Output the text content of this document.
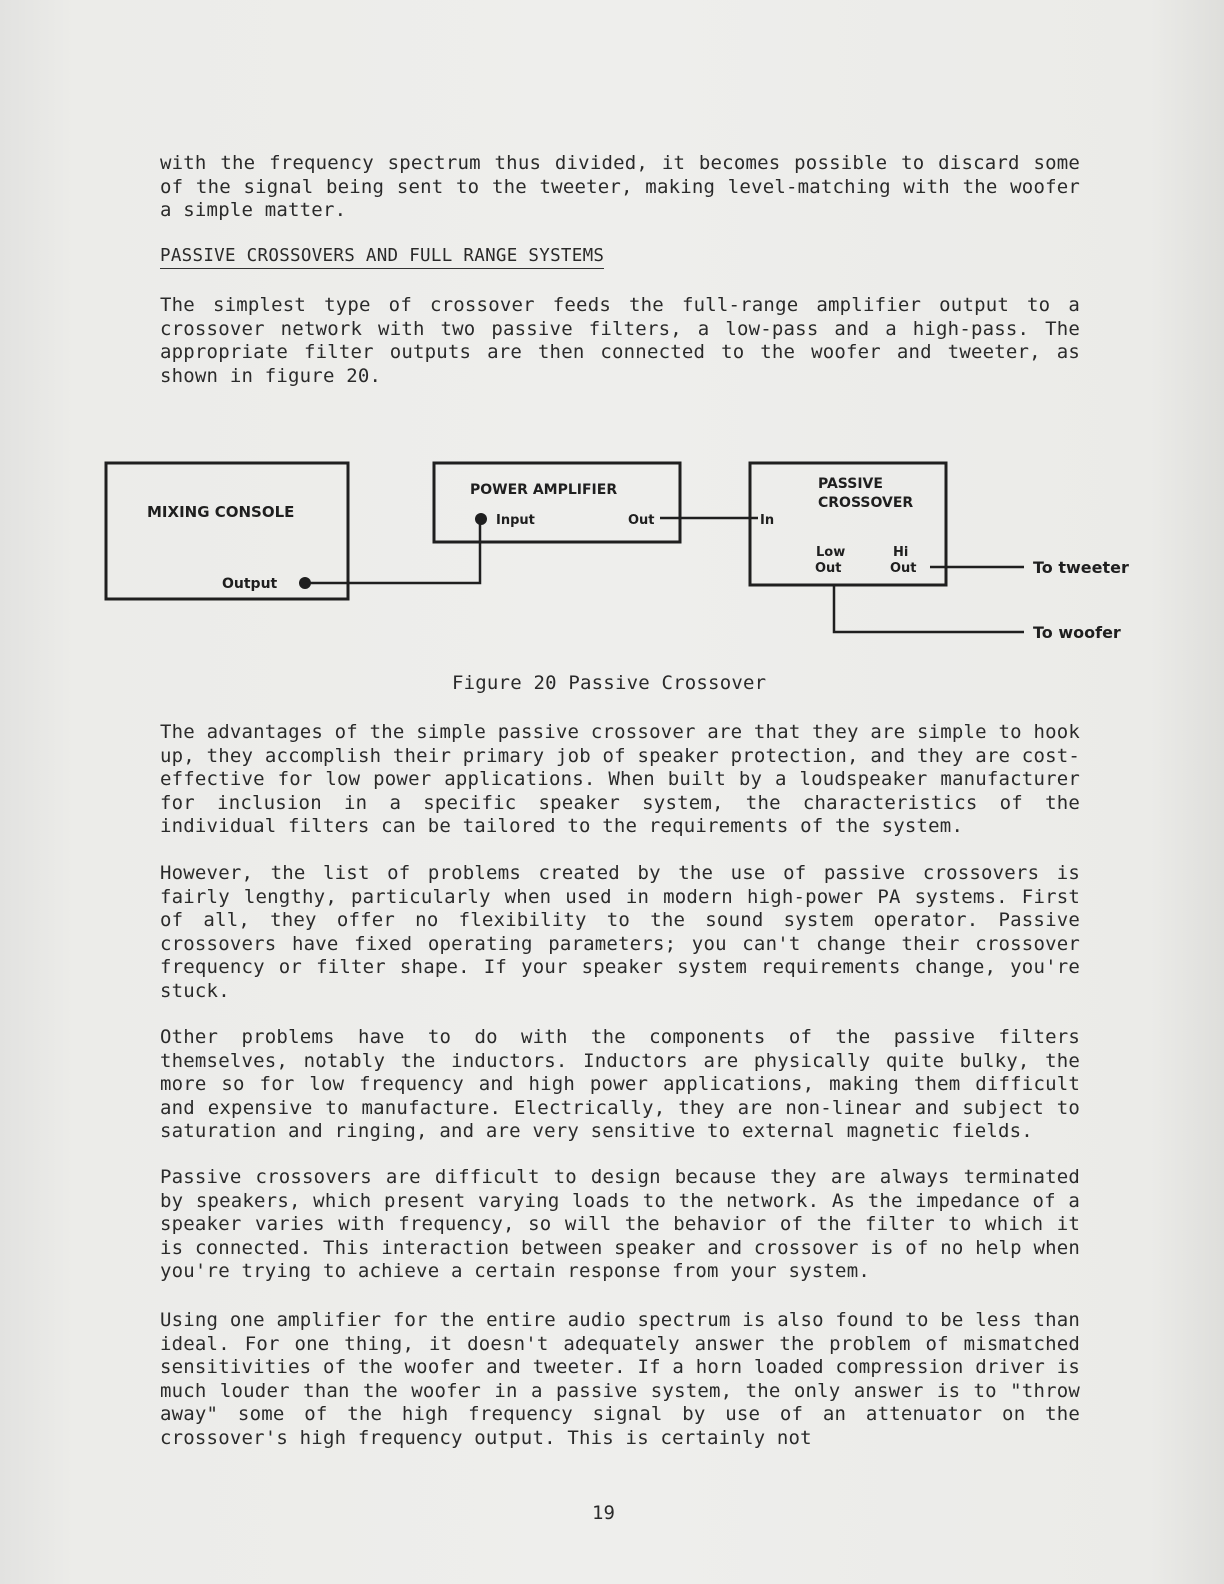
with the frequency spectrum thus divided, it becomes possible to discard some of the signal being sent to the tweeter, making level-matching with the woofer a simple matter.
PASSIVE CROSSOVERS AND FULL RANGE SYSTEMS
The simplest type of crossover feeds the full-range amplifier output to a crossover network with two passive filters, a low-pass and a high-pass. The appropriate filter outputs are then connected to the woofer and tweeter, as shown in figure 20.
MIXING CONSOLE
Output
POWER AMPLIFIER
Input	Out
PASSIVE
CROSSOVER
In
Low
Out
Hi
Out	To tweeter
To woofer
Figure 20 Passive Crossover
The advantages of the simple passive crossover are that they are simple to hook up, they accomplish their primary job of speaker protection, and they are cost-effective for low power applications. When built by a loudspeaker manufacturer for inclusion in a specific speaker system, the characteristics of the individual filters can be tailored to the requirements of the system.
However, the list of problems created by the use of passive crossovers is fairly lengthy, particularly when used in modern high-power PA systems. First of all, they offer no flexibility to the sound system operator. Passive crossovers have fixed operating parameters; you can't change their crossover frequency or filter shape. If your speaker system requirements change, you're stuck.
Other problems have to do with the components of the passive filters themselves, notably the inductors. Inductors are physically quite bulky, the more so for low frequency and high power applications, making them difficult and expensive to manufacture. Electrically, they are non-linear and subject to saturation and ringing, and are very sensitive to external magnetic fields.
Passive crossovers are difficult to design because they are always terminated by speakers, which present varying loads to the network. As the impedance of a speaker varies with frequency, so will the behavior of the filter to which it is connected. This interaction between speaker and crossover is of no help when you're trying to achieve a certain response from your system.
Using one amplifier for the entire audio spectrum is also found to be less than ideal. For one thing, it doesn't adequately answer the problem of mismatched sensitivities of the woofer and tweeter. If a horn loaded compression driver is much louder than the woofer in a passive system, the only answer is to "throw away" some of the high frequency signal by use of an attenuator on the crossover's high frequency output. This is certainly not
19
